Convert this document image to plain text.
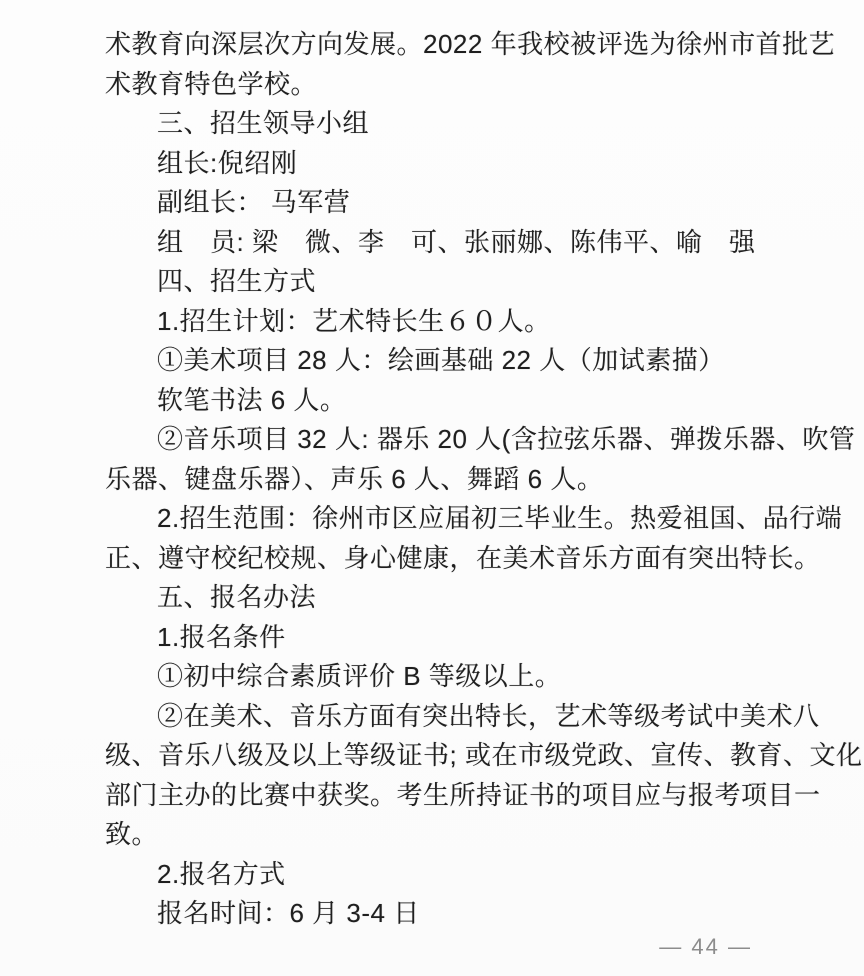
术教育向深层次方向发展。2022 年我校被评选为徐州市首批艺
术教育特色学校。
三、招生领导小组
组长:倪绍刚
副组长： 马军营
组　员: 梁　微、李　可、张丽娜、陈伟平、喻　强
四、招生方式
1.招生计划：艺术特长生６０人。
①美术项目 28 人：绘画基础 22 人（加试素描）
软笔书法 6 人。
②音乐项目 32 人: 器乐 20 人(含拉弦乐器、弹拨乐器、吹管
乐器、键盘乐器）、声乐 6 人、舞蹈 6 人。
2.招生范围：徐州市区应届初三毕业生。热爱祖国、品行端
正、遵守校纪校规、身心健康，在美术音乐方面有突出特长。
五、报名办法
1.报名条件
①初中综合素质评价 B 等级以上。
②在美术、音乐方面有突出特长，艺术等级考试中美术八
级、音乐八级及以上等级证书; 或在市级党政、宣传、教育、文化
部门主办的比赛中获奖。考生所持证书的项目应与报考项目一
致。
2.报名方式
报名时间：6 月 3-4 日
— 44 —
